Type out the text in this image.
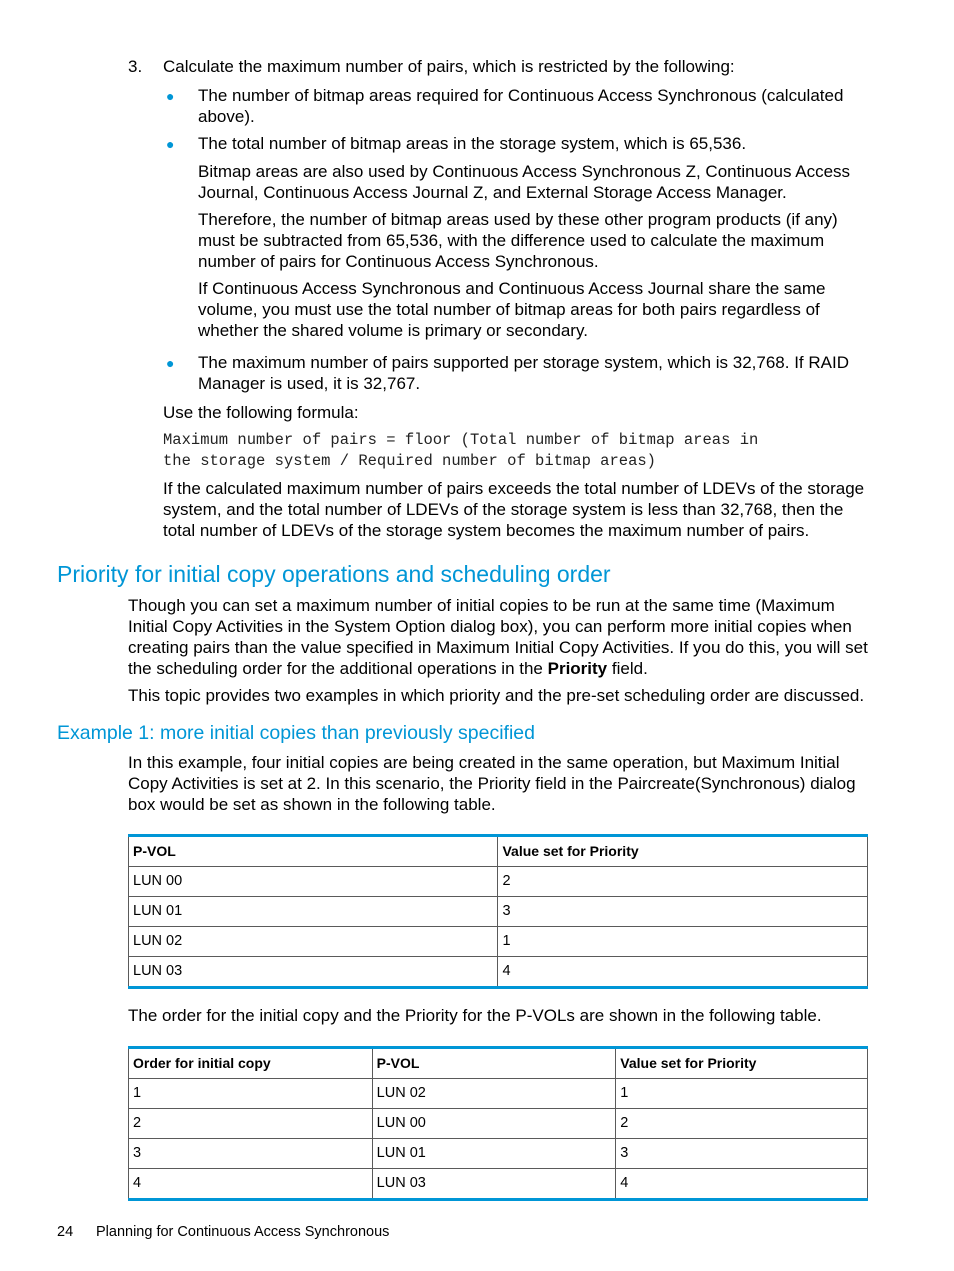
3. Calculate the maximum number of pairs, which is restricted by the following:
● The number of bitmap areas required for Continuous Access Synchronous (calculated above).

● The total number of bitmap areas in the storage system, which is 65,536.

Bitmap areas are also used by Continuous Access Synchronous Z, Continuous Access Journal, Continuous Access Journal Z, and External Storage Access Manager.

Therefore, the number of bitmap areas used by these other program products (if any) must be subtracted from 65,536, with the difference used to calculate the maximum number of pairs for Continuous Access Synchronous.

If Continuous Access Synchronous and Continuous Access Journal share the same volume, you must use the total number of bitmap areas for both pairs regardless of whether the shared volume is primary or secondary.

● The maximum number of pairs supported per storage system, which is 32,768. If RAID Manager is used, it is 32,767.

Use the following formula:

Maximum number of pairs = floor (Total number of bitmap areas in
the storage system / Required number of bitmap areas)

If the calculated maximum number of pairs exceeds the total number of LDEVs of the storage system, and the total number of LDEVs of the storage system is less than 32,768, then the total number of LDEVs of the storage system becomes the maximum number of pairs.

Priority for initial copy operations and scheduling order

Though you can set a maximum number of initial copies to be run at the same time (Maximum Initial Copy Activities in the System Option dialog box), you can perform more initial copies when creating pairs than the value specified in Maximum Initial Copy Activities. If you do this, you will set the scheduling order for the additional operations in the Priority field.

This topic provides two examples in which priority and the pre-set scheduling order are discussed.

Example 1: more initial copies than previously specified

In this example, four initial copies are being created in the same operation, but Maximum Initial Copy Activities is set at 2. In this scenario, the Priority field in the Paircreate(Synchronous) dialog box would be set as shown in the following table.

P-VOL	Value set for Priority
LUN 00	2
LUN 01	3
LUN 02	1
LUN 03	4

The order for the initial copy and the Priority for the P-VOLs are shown in the following table.

Order for initial copy	P-VOL	Value set for Priority
1	LUN 02	1
2	LUN 00	2
3	LUN 01	3
4	LUN 03	4
24 Planning for Continuous Access Synchronous
